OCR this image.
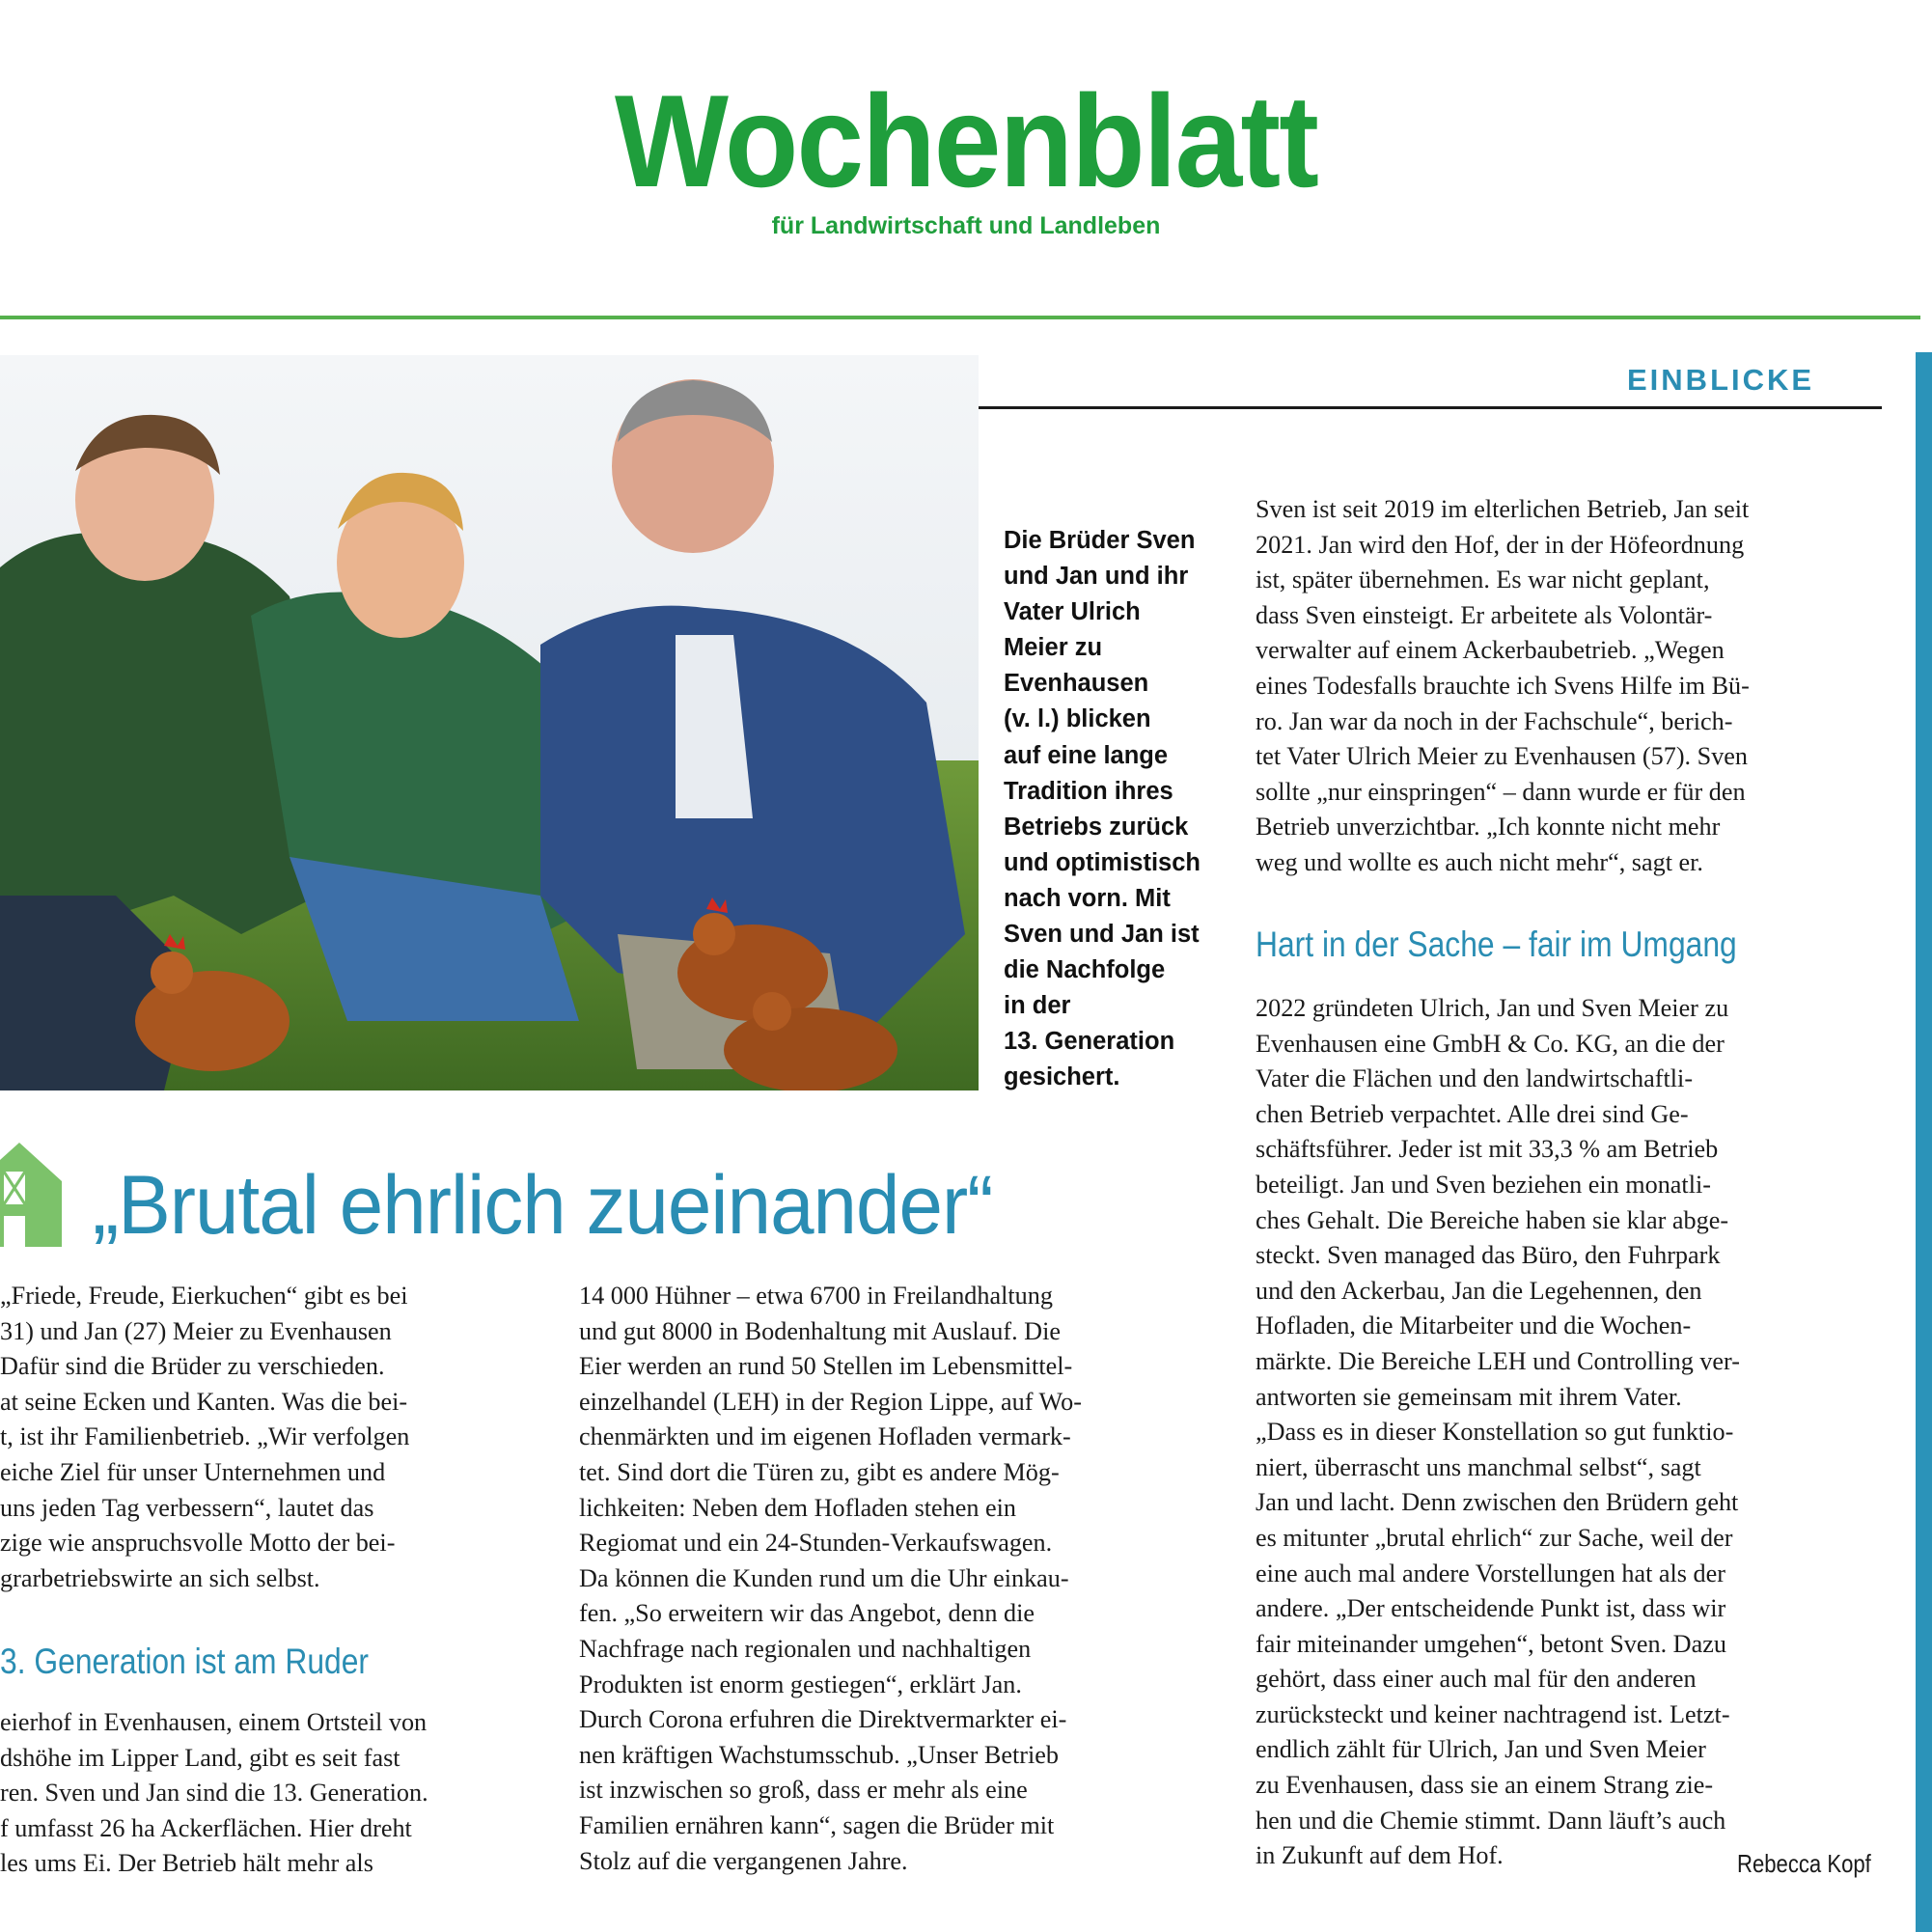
Wochenblatt
für Landwirtschaft und Landleben
EINBLICKE
Die Brüder Sven
und Jan und ihr
Vater Ulrich
Meier zu
Evenhausen
(v. l.) blicken
auf eine lange
Tradition ihres
Betriebs zurück
und optimistisch
nach vorn. Mit
Sven und Jan ist
die Nachfolge
in der
13. Generation
gesichert.
„Brutal ehrlich zueinander“
„Friede, Freude, Eierkuchen“ gibt es bei
31) und Jan (27) Meier zu Evenhausen
Dafür sind die Brüder zu verschieden.
at seine Ecken und Kanten. Was die bei-
t, ist ihr Familienbetrieb. „Wir verfolgen
eiche Ziel für unser Unternehmen und
uns jeden Tag verbessern“, lautet das
zige wie anspruchsvolle Motto der bei-
grarbetriebswirte an sich selbst.
3. Generation ist am Ruder
eierhof in Evenhausen, einem Ortsteil von
dshöhe im Lipper Land, gibt es seit fast
ren. Sven und Jan sind die 13. Generation.
f umfasst 26 ha Ackerflächen. Hier dreht
les ums Ei. Der Betrieb hält mehr als
14 000 Hühner – etwa 6700 in Freilandhaltung
und gut 8000 in Bodenhaltung mit Auslauf. Die
Eier werden an rund 50 Stellen im Lebensmittel-
einzelhandel (LEH) in der Region Lippe, auf Wo-
chenmärkten und im eigenen Hofladen vermark-
tet. Sind dort die Türen zu, gibt es andere Mög-
lichkeiten: Neben dem Hofladen stehen ein
Regiomat und ein 24-Stunden-Verkaufswagen.
Da können die Kunden rund um die Uhr einkau-
fen. „So erweitern wir das Angebot, denn die
Nachfrage nach regionalen und nachhaltigen
Produkten ist enorm gestiegen“, erklärt Jan.
Durch Corona erfuhren die Direktvermarkter ei-
nen kräftigen Wachstumsschub. „Unser Betrieb
ist inzwischen so groß, dass er mehr als eine
Familien ernähren kann“, sagen die Brüder mit
Stolz auf die vergangenen Jahre.
Sven ist seit 2019 im elterlichen Betrieb, Jan seit
2021. Jan wird den Hof, der in der Höfeordnung
ist, später übernehmen. Es war nicht geplant,
dass Sven einsteigt. Er arbeitete als Volontär-
verwalter auf einem Ackerbaubetrieb. „Wegen
eines Todesfalls brauchte ich Svens Hilfe im Bü-
ro. Jan war da noch in der Fachschule“, berich-
tet Vater Ulrich Meier zu Evenhausen (57). Sven
sollte „nur einspringen“ – dann wurde er für den
Betrieb unverzichtbar. „Ich konnte nicht mehr
weg und wollte es auch nicht mehr“, sagt er.
Hart in der Sache – fair im Umgang
2022 gründeten Ulrich, Jan und Sven Meier zu
Evenhausen eine GmbH & Co. KG, an die der
Vater die Flächen und den landwirtschaftli-
chen Betrieb verpachtet. Alle drei sind Ge-
schäftsführer. Jeder ist mit 33,3 % am Betrieb
beteiligt. Jan und Sven beziehen ein monatli-
ches Gehalt. Die Bereiche haben sie klar abge-
steckt. Sven managed das Büro, den Fuhrpark
und den Ackerbau, Jan die Legehennen, den
Hofladen, die Mitarbeiter und die Wochen-
märkte. Die Bereiche LEH und Controlling ver-
antworten sie gemeinsam mit ihrem Vater.
„Dass es in dieser Konstellation so gut funktio-
niert, überrascht uns manchmal selbst“, sagt
Jan und lacht. Denn zwischen den Brüdern geht
es mitunter „brutal ehrlich“ zur Sache, weil der
eine auch mal andere Vorstellungen hat als der
andere. „Der entscheidende Punkt ist, dass wir
fair miteinander umgehen“, betont Sven. Dazu
gehört, dass einer auch mal für den anderen
zurücksteckt und keiner nachtragend ist. Letzt-
endlich zählt für Ulrich, Jan und Sven Meier
zu Evenhausen, dass sie an einem Strang zie-
hen und die Chemie stimmt. Dann läuft’s auch
in Zukunft auf dem Hof.	Rebecca Kopf
